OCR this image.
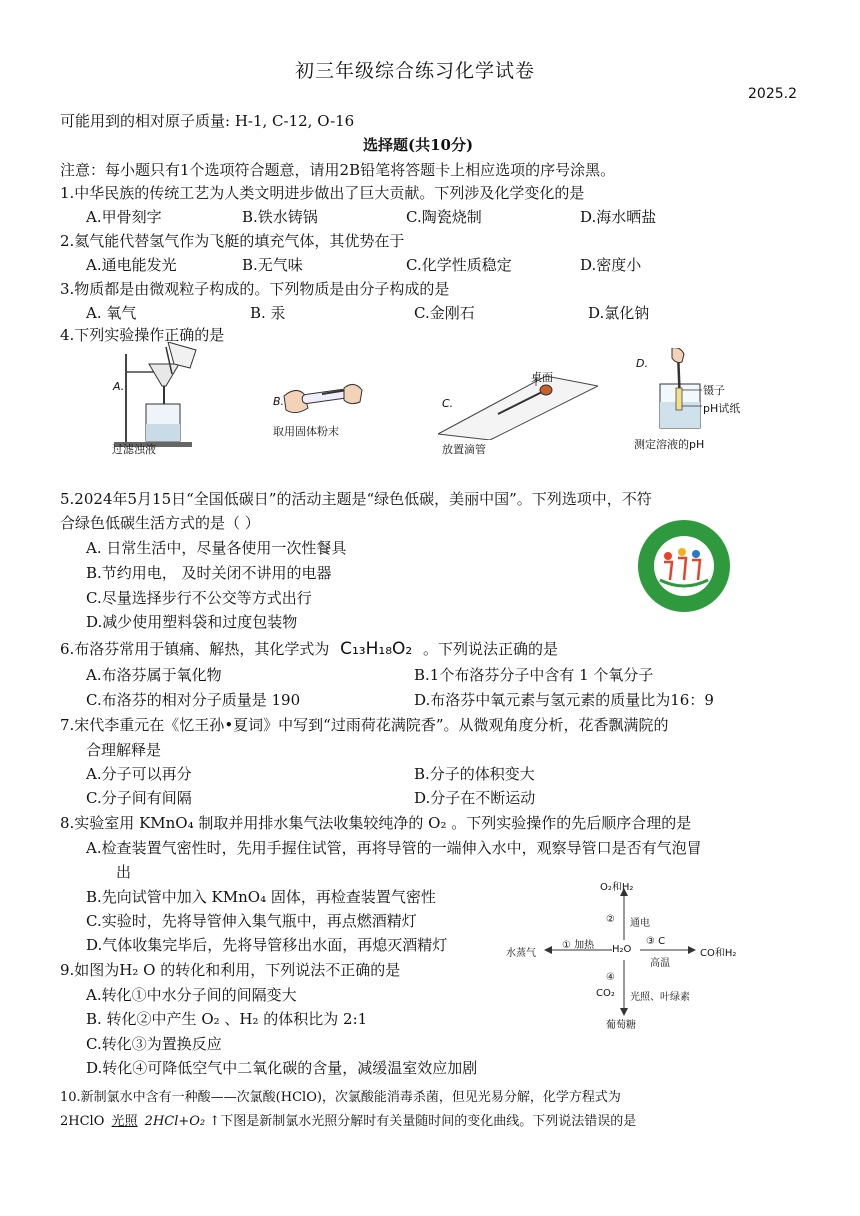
初三年级综合练习化学试卷
2025.2
可能用到的相对原子质量: H-1, C-12, O-16
选择题(共10分)
注意：每小题只有1个选项符合题意，请用2B铅笔将答题卡上相应选项的序号涂黑。
1.中华民族的传统工艺为人类文明进步做出了巨大贡献。下列涉及化学变化的是
A.甲骨刻字	B.铁水铸锅	C.陶瓷烧制	D.海水晒盐
2.氦气能代替氢气作为飞艇的填充气体，其优势在于
A.通电能发光	B.无气味	C.化学性质稳定	D.密度小
3.物质都是由微观粒子构成的。下列物质是由分子构成的是
A. 氧气	B. 汞	C.金刚石	D.氯化钠
4.下列实验操作正确的是
A.
过滤浊液
B.
取用固体粉末
桌面
C.
放置滴管
D.
镊子
pH试纸
测定溶液的pH
5.2024年5月15日“全国低碳日”的活动主题是“绿色低碳，美丽中国”。下列选项中，不符
合绿色低碳生活方式的是（ ）
A. 日常生活中，尽量各使用一次性餐具
B.节约用电， 及时关闭不讲用的电器
C.尽量选择步行不公交等方式出行
D.减少使用塑料袋和过度包装物
6.布洛芬常用于镇痛、解热，其化学式为 C₁₃H₁₈O₂ 。下列说法正确的是
A.布洛芬属于氧化物	B.1个布洛芬分子中含有 1 个氧分子
C.布洛芬的相对分子质量是 190	D.布洛芬中氧元素与氢元素的质量比为16：9
7.宋代李重元在《忆王孙•夏词》中写到“过雨荷花满院香”。从微观角度分析，花香飘满院的
合理解释是
A.分子可以再分	B.分子的体积变大
C.分子间有间隔	D.分子在不断运动
8.实验室用 KMnO₄ 制取并用排水集气法收集较纯净的 O₂ 。下列实验操作的先后顺序合理的是
A.检查装置气密性时，先用手握住试管，再将导管的一端伸入水中，观察导管口是否有气泡冒
出
B.先向试管中加入 KMnO₄ 固体，再检查装置气密性
C.实验时，先将导管伸入集气瓶中，再点燃酒精灯
D.气体收集完毕后，先将导管移出水面，再熄灭酒精灯
9.如图为H₂ O 的转化和利用，下列说法不正确的是
A.转化①中水分子间的间隔变大
B. 转化②中产生 O₂ 、H₂ 的体积比为 2:1
C.转化③为置换反应
D.转化④可降低空气中二氧化碳的含量，减缓温室效应加剧
O₂和H₂
② 通电
水蒸气
① 加热 H₂O
③ C
高温
CO和H₂
④
CO₂ 光照、叶绿素
葡萄糖
10.新制氯水中含有一种酸——次氯酸(HClO)，次氯酸能消毒杀菌，但见光易分解，化学方程式为
2HClO 光照 2HCl+O₂ ↑下图是新制氯水光照分解时有关量随时间的变化曲线。下列说法错误的是
